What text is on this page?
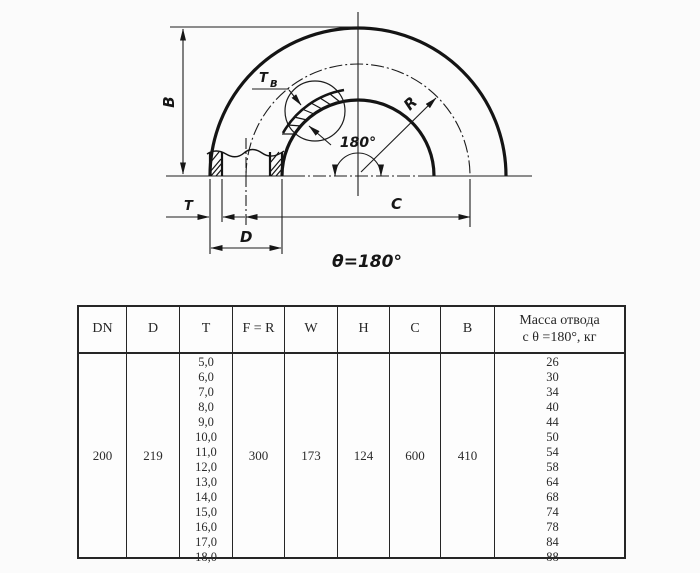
T B
B
T	C
D
R
180°
θ=180°
DN
200
D
219
T
5,0
6,0
7,0
8,0
9,0
10,0
11,0
12,0
13,0
14,0
15,0
16,0
17,0
18,0
F = R
300
W
173
H
124
C
600
B
410
Масса отвода
с θ =180°, кг
26
30
34
40
44
50
54
58
64
68
74
78
84
88
